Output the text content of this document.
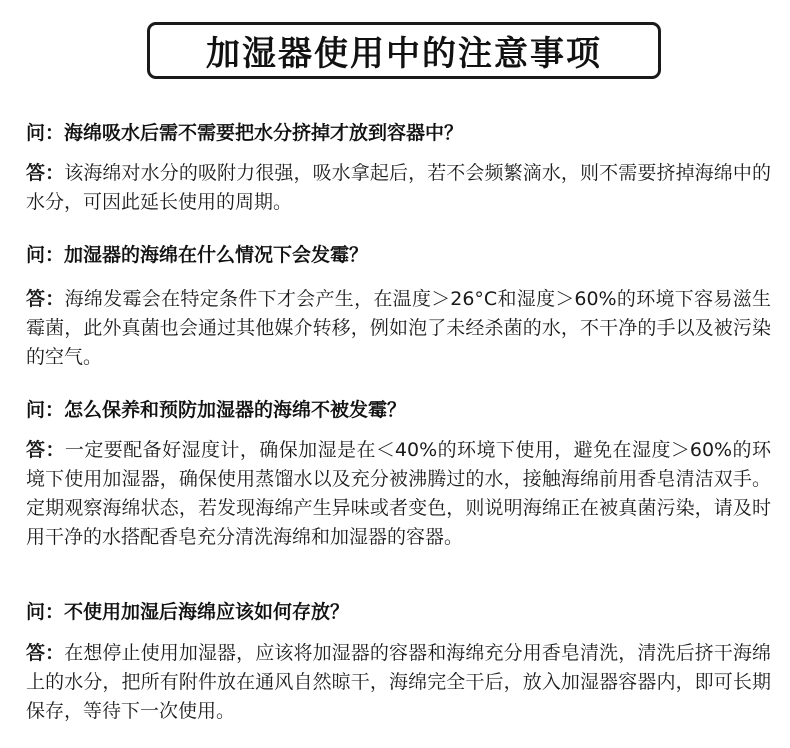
加湿器使用中的注意事项
问：海绵吸水后需不需要把水分挤掉才放到容器中？
答：该海绵对水分的吸附力很强，吸水拿起后，若不会频繁滴水，则不需要挤掉海绵中的水分，可因此延长使用的周期。
问：加湿器的海绵在什么情况下会发霉？
答：海绵发霉会在特定条件下才会产生，在温度＞26°C和湿度＞60%的环境下容易滋生霉菌，此外真菌也会通过其他媒介转移，例如泡了未经杀菌的水，不干净的手以及被污染的空气。
问：怎么保养和预防加湿器的海绵不被发霉？
答：一定要配备好湿度计，确保加湿是在＜40%的环境下使用，避免在湿度＞60%的环境下使用加湿器，确保使用蒸馏水以及充分被沸腾过的水，接触海绵前用香皂清洁双手。定期观察海绵状态，若发现海绵产生异味或者变色，则说明海绵正在被真菌污染，请及时用干净的水搭配香皂充分清洗海绵和加湿器的容器。
问：不使用加湿后海绵应该如何存放？
答：在想停止使用加湿器，应该将加湿器的容器和海绵充分用香皂清洗，清洗后挤干海绵上的水分，把所有附件放在通风自然晾干，海绵完全干后，放入加湿器容器内，即可长期保存，等待下一次使用。
